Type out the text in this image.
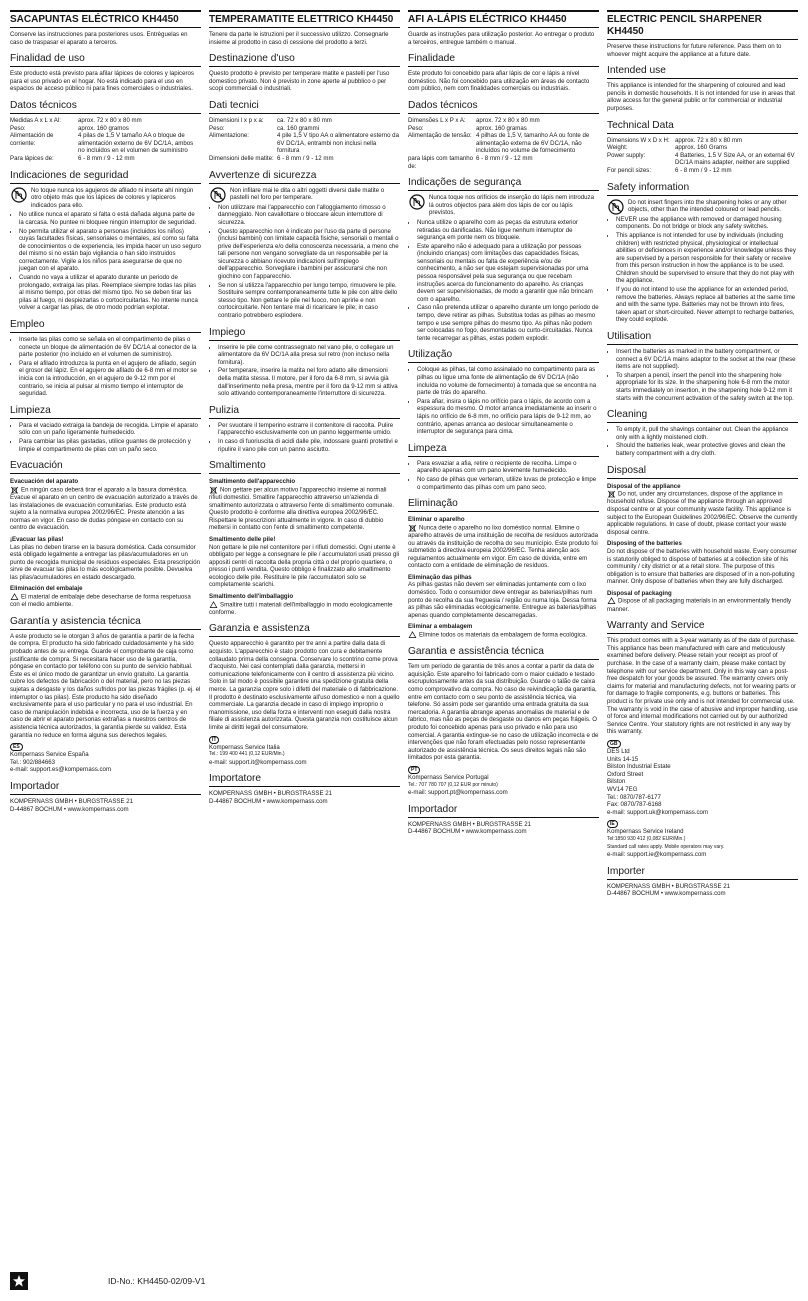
SACAPUNTAS ELÉCTRICO KH4450

Conserve las instrucciones para posteriores usos. Entréguelas en caso de traspasar el aparato a terceros.

Finalidad de uso

Este producto está previsto para afilar lápices de colores y lapiceros para el uso privado en el hogar. No está indicado para el uso en espacios de acceso público ni para fines comerciales o industriales.

Datos técnicos
Medidas A x L x Al:	aprox. 72 x 80 x 80 mm
Peso:	aprox. 160 gramos
Alimentación de corriente:	4 pilas de 1,5 V tamaño AA o bloque de alimentación externo de 6V DC/1A, ambos no incluidos en el volumen de suministro
Para lápices de:	6 - 8 mm / 9 - 12 mm
Indicaciones de seguridad
No toque nunca los agujeros de afilado ni inserte ahí ningún otro objeto más que los lápices de colores y lapiceros indicados para ello.
• No utilice nunca el aparato si falta o está dañada alguna parte de la carcasa. No puntee ni bloquee ningún interruptor de seguridad.
• No permita utilizar el aparato a personas (incluidos los niños) cuyas facultades físicas, sensoriales o mentales, así como su falta de conocimientos o de experiencia, les impida hacer un uso seguro del mismo si no están bajo vigilancia o han sido instruidos correctamente. Vigile a los niños para asegurarse de que no juegan con el aparato.
• Cuando no vaya a utilizar el aparato durante un periodo de prolongado, extraiga las pilas. Reemplace siempre todas las pilas al mismo tiempo, por otras del mismo tipo. No se deben tirar las pilas al fuego, ni despiezarlas o cortocircuitarlas. No intente nunca volver a cargar las pilas, de otro modo podrían explotar.
Empleo
• Inserte las pilas como se señala en el compartimento de pilas o conecte un bloque de alimentación de 6V DC/1A al conector de la parte posterior (no incluido en el volumen de suministro).
• Para el afilado introduzca la punta en el agujero de afilado, según el grosor del lápiz. En el agujero de afilado de 6-8 mm el motor se inicia con la introducción, en el agujero de 9-12 mm por el contrario, se inicia al pulsar al mismo tiempo el interruptor de seguridad.
Limpieza
• Para el vaciado extraiga la bandeja de recogida. Limpie el aparato sólo con un paño ligeramente humedecido.
• Para cambiar las pilas gastadas, utilice guantes de protección y limpie el compartimento de pilas con un paño seco.
Evacuación
Evacuación del aparato

En ningún caso deberá tirar el aparato a la basura doméstica. Evacue el aparato en un centro de evacuación autorizado a través de las instalaciones de evacuación comunitarias. Este producto está sujeto a la normativa europea 2002/96/EC. Preste atención a las normas en vigor. En caso de dudas póngase en contacto con su centro de evacuación.

¡Evacuar las pilas!

Las pilas no deben tirarse en la basura doméstica. Cada consumidor está obligado legalmente a entregar las pilas/acumuladores en un punto de recogida municipal de residuos especiales. Esta prescripción sirve de evacuar las pilas lo más ecológicamente posible. Devuelva las pilas/acumuladores en estado descargado.

Eliminación del embalaje

El material de embalaje debe desecharse de forma respetuosa con el medio ambiente.

Garantía y asistencia técnica

A este producto se le otorgan 3 años de garantía a partir de la fecha de compra. El producto ha sido fabricado cuidadosamente y ha sido probado antes de su entrega. Guarde el comprobante de caja como justificante de compra. Si necesitara hacer uso de la garantía, póngase en contacto por teléfono con su punto de servicio habitual. Éste es el único modo de garantizar un envío gratuito. La garantía cubre los defectos de fabricación o del material, pero no las piezas sujetas a desgaste y los daños sufridos por las piezas frágiles (p. ej. el interruptor o las pilas). Este producto ha sido diseñado exclusivamente para el uso particular y no para el uso industrial. En caso de manipulación indebida e incorrecta, uso de la fuerza y en caso de abrir el aparato personas extrañas a nuestros centros de asistencia técnica autorizados, la garantía pierde su validez. Esta garantía no reduce en forma alguna sus derechos legales.

ES
Kompernass Service España
Tel.: 902/884663
e-mail: support.es@kompernass.com
Importador
KOMPERNASS GMBH • BURGSTRASSE 21
D-44867 BOCHUM • www.kompernass.com
TEMPERAMATITE ELETTRICO KH4450

Tenere da parte le istruzioni per il successivo utilizzo. Consegnarle insieme al prodotto in caso di cessione del prodotto a terzi.

Destinazione d'uso

Questo prodotto è previsto per temperare matite e pastelli per l'uso domestico privato. Non è previsto in zone aperte al pubblico o per scopi commerciali o industriali.

Dati tecnici
Dimensioni l x p x a:	ca. 72 x 80 x 80 mm
Peso:	ca. 160 grammi
Alimentazione:	4 pile 1,5 V tipo AA o alimentatore esterno da 6V DC/1A, entrambi non inclusi nella fornitura
Dimensioni delle matite:	6 - 8 mm / 9 - 12 mm
Avvertenze di sicurezza
Non infilare mai le dita o altri oggetti diversi dalle matite o pastelli nel foro per temperare.
• Non utilizzare mai l'apparecchio con l'alloggiamento rimosso o danneggiato. Non cavallottare o bloccare alcun interruttore di sicurezza.
• Questo apparecchio non è indicato per l'uso da parte di persone (inclusi bambini) con limitate capacità fisiche, sensoriali o mentali o prive dell'esperienza e/o della conoscenza necessaria, a meno che tali persone non vengano sorvegliate da un responsabile per la sicurezza o abbiano ricevuto indicazioni sull'impiego dell'apparecchio. Sorvegliare i bambini per assicurarsi che non giochino con l'apparecchio.
• Se non si utilizza l'apparecchio per lungo tempo, rimuovere le pile. Sostituire sempre contemporaneamente tutte le pile con altre dello stesso tipo. Non gettare le pile nel fuoco, non aprirle e non cortocircuitarle. Non tentare mai di ricaricare le pile; in caso contrario potrebbero esplodere.
Impiego
• Inserire le pile come contrassegnato nel vano pile, o collegare un alimentatore da 6V DC/1A alla presa sul retro (non incluso nella fornitura).
• Per temperare, inserire la matita nel foro adatto alle dimensioni della matita stessa. Il motore, per il foro da 6-8 mm, si avvia già dall'inserimento nella presa, mentre per il foro da 9-12 mm si attiva solo attivando contemporaneamente l'interruttore di sicurezza.
Pulizia
• Per svuotare il temperino estrarre il contenitore di raccolta. Pulire l'apparecchio esclusivamente con un panno leggermente umido.
• In caso di fuoriuscita di acidi dalle pile, indossare guanti protettivi e ripulire il vano pile con un panno asciutto.
Smaltimento
Smaltimento dell'apparecchio

Non gettare per alcun motivo l'apparecchio insieme ai normali rifiuti domestici. Smaltire l'apparecchio attraverso un'azienda di smaltimento autorizzata o attraverso l'ente di smaltimento comunale. Questo prodotto è conforme alla direttiva europea 2002/96/EC. Rispettare le prescrizioni attualmente in vigore. In caso di dubbio mettersi in contatto con l'ente di smaltimento competente.

Smaltimento delle pile!

Non gettare le pile nel contenitore per i rifiuti domestici. Ogni utente è obbligato per legge a consegnare le pile / accumulatori usati presso gli appositi centri di raccolta della propria città o del proprio quartiere, o presso i punti vendita. Questo obbligo è finalizzato allo smaltimento ecologico delle pile. Restituire le pile /accumulatori solo se completamente scarichi.

Smaltimento dell'imballaggio

Smaltire tutti i materiali dell'imballaggio in modo ecologicamente conforme.

Garanzia e assistenza

Questo apparecchio è garantito per tre anni a partire dalla data di acquisto. L'apparecchio è stato prodotto con cura e debitamente collaudato prima della consegna. Conservare lo scontrino come prova d'acquisto. Nei casi contemplati dalla garanzia, mettersi in comunicazione telefonicamente con il centro di assistenza più vicino. Solo in tal modo è possibile garantire una spedizione gratuita della merce. La garanzia copre solo i difetti del materiale o di fabbricazione. Il prodotto è destinato esclusivamente all'uso domestico e non a quello commerciale. La garanzia decade in caso di impiego improprio o manomissione, uso della forza e interventi non eseguiti dalla nostra filiale di assistenza autorizzata. Questa garanzia non costituisce alcun limite ai diritti legali del consumatore.

IT
Kompernass Service Italia
Tel.: 199 400 441 (0,12 EUR/Min.)
e-mail: support.it@kompernass.com
Importatore
KOMPERNASS GMBH • BURGSTRASSE 21
D-44867 BOCHUM • www.kompernass.com
AFI A-LÁPIS ELÉCTRICO KH4450

Guarde as instruções para utilização posterior. Ao entregar o produto a terceiros, entregue também o manual.

Finalidade

Este produto foi concebido para afiar lápis de cor e lápis a nível doméstico. Não foi concebido para utilização em áreas de contacto com público, nem com finalidades comerciais ou industriais.

Dados técnicos
Dimensões L x P x A:	aprox. 72 x 80 x 80 mm
Peso:	aprox. 160 gramas
Alimentação de tensão:	4 pilhas de 1,5 V, tamanho AA ou fonte de alimentação externa de 6V DC/1A, não incluídos no volume de fornecimento
para lápis com tamanho de:	6 - 8 mm / 9 - 12 mm
Indicações de segurança
Nunca toque nos orifícios de inserção do lápis nem introduza lá outros objectos para além dos lápis de cor ou lápis previstos.
• Nunca utilize o aparelho com as peças da estrutura exterior retiradas ou danificadas. Não ligue nenhum interruptor de segurança em ponte nem os bloqueie.
• Este aparelho não é adequado para a utilização por pessoas (incluindo crianças) com limitações das capacidades físicas, sensoriais ou mentais ou falta de experiência e/ou de conhecimento, a não ser que estejam supervisionadas por uma pessoa responsável pela sua segurança ou que recebam instruções acerca do funcionamento do aparelho. As crianças devem ser supervisionadas, de modo a garantir que não brincam com o aparelho.
• Caso não pretenda utilizar o aparelho durante um longo período de tempo, deve retirar as pilhas. Substitua todas as pilhas ao mesmo tempo e use sempre pilhas do mesmo tipo. As pilhas não podem ser colocadas no fogo, desmontadas ou curto-circuitadas. Nunca tente recarregar as pilhas, estas podem explodir.
Utilização
• Coloque as pilhas, tal como assinalado no compartimento para as pilhas ou ligue uma fonte de alimentação de 6V DC/1A (não incluída no volume de fornecimento) à tomada que se encontra na parte de trás do aparelho.
• Para afiar, insira o lápis no orifício para o lápis, de acordo com a espessura do mesmo. O motor arranca imediatamente ao inserir o lápis no orifício de 6-8 mm, no orifício para lápis de 9-12 mm, ao contrário, apenas arranca ao deslocar simultaneamente o interruptor de segurança para cima.
Limpeza
• Para esvaziar a afia, retire o recipiente de recolha. Limpe o aparelho apenas com um pano levemente humedecido.
• No caso de pilhas que verteram, utilize luvas de protecção e limpe o compartimento das pilhas com um pano seco.
Eliminação
Eliminar o aparelho

Nunca deite o aparelho no lixo doméstico normal. Elimine o aparelho através de uma instituição de recolha de resíduos autorizada ou através da instituição de recolha do seu município. Este produto foi submetido à directiva europeia 2002/96/EC. Tenha atenção aos regulamentos actualmente em vigor. Em caso de dúvida, entre em contacto com a entidade de eliminação de resíduos.

Eliminação das pilhas

As pilhas gastas não devem ser eliminadas juntamente com o lixo doméstico. Todo o consumidor deve entregar as baterias/pilhas num ponto de recolha da sua freguesia / região ou numa loja. Dessa forma as pilhas são eliminadas ecologicamente. Entregue as baterias/pilhas apenas quando completamente descarregadas.

Eliminar a embalagem

Elimine todos os materiais da embalagem de forma ecológica.

Garantia e assistência técnica

Tem um período de garantia de três anos a contar a partir da data de aquisição. Este aparelho foi fabricado com o maior cuidado e testado escrupulosamente antes da sua distribuição. Guarde o talão de caixa como comprovativo da compra. No caso de reivindicação da garantia, entre em contacto com o seu ponto de assistência técnica, via telefone. Só assim pode ser garantido uma entrada gratuita da sua mercadoria. A garantia abrange apenas anomalias de material e de fabrico, mas não as peças de desgaste ou danos em peças frágeis. O produto foi concebido apenas para uso privado e não para uso comercial. A garantia extingue-se no caso de utilização incorrecta e de intervenções que não foram efectuadas pelo nosso representante autorizado de assistência técnica. Os seus direitos legais não são limitados por esta garantia.

PT
Kompernass Service Portugal
Tel.: 707 780 707 (0,12 EUR por minuto)
e-mail: support.pt@kompernass.com
Importador
KOMPERNASS GMBH • BURGSTRASSE 21
D-44867 BOCHUM • www.kompernass.com
ELECTRIC PENCIL SHARPENER KH4450

Preserve these instructions for future reference. Pass them on to whoever might acquire the appliance at a future date.

Intended use

This appliance is intended for the sharpening of coloured and lead pencils in domestic households. It is not intended for use in areas that allow access for the general public or for commercial or industrial purposes.

Technical Data
Dimensions W x D x H:	approx. 72 x 80 x 80 mm
Weight:	approx. 160 Grams
Power supply:	4 Batteries, 1.5 V Size AA, or an external 6V DC/1A mains adapter, neither are supplied
For pencil sizes:	6 - 8 mm / 9 - 12 mm
Safety information
Do not insert fingers into the sharpening holes or any other objects, other than the intended coloured or lead pencils.
• NEVER use the appliance with removed or damaged housing components. Do not bridge or block any safety switches.
• This appliance is not intended for use by individuals (including children) with restricted physical, physiological or intellectual abilities or deficiences in experience and/or knowledge unless they are supervised by a person responsible for their safety or receive from this person instruction in how the appliance is to be used. Children should be supervised to ensure that they do not play with the appliance.
• If you do not intend to use the appliance for an extended period, remove the batteries. Always replace all batteries at the same time and with the same type. Batteries may not be thrown into fires, taken apart or short-circuited. Never attempt to recharge batteries, they could explode.
Utilisation
• Insert the batteries as marked in the battery compartment, or connect a 6V DC/1A mains adaptor to the socket at the rear (these items are not supplied).
• To sharpen a pencil, insert the pencil into the sharpening hole appropriate for its size. In the sharpening hole 6-8 mm the motor starts immediately on insertion, in the sharpening hole 9-12 mm it starts with the concurrent activation of the safety switch at the top.
Cleaning
• To empty it, pull the shavings container out. Clean the appliance only with a lightly moistened cloth.
• Should the batteries leak, wear protective gloves and clean the battery compartment with a dry cloth.
Disposal
Disposal of the appliance

Do not, under any circumstances, dispose of the appliance in household refuse. Dispose of the appliance through an approved disposal centre or at your community waste facility. This appliance is subject to the European Guidelines 2002/96/EC. Observe the currently applicable regulations. In case of doubt, please contact your waste disposal centre.

Disposing of the batteries

Do not dispose of the batteries with household waste. Every consumer is statutorily obliged to dispose of batteries at a collection site of his community / city district or at a retail store. The purpose of this obligation is to ensure that batteries are disposed of in a non-polluting manner. Only dispose of batteries when they are fully discharged.

Disposal of packaging

Dispose of all packaging materials in an environmentally friendly manner.

Warranty and Service

This product comes with a 3-year warranty as of the date of purchase. This appliance has been manufactured with care and meticulously examined before delivery. Please retain your receipt as proof of purchase. In the case of a warranty claim, please make contact by telephone with our service department. Only in this way can a post-free despatch for your goods be assured. The warranty covers only claims for material and manufacturing defects, not for wearing parts or for damage to fragile components, e.g. buttons or batteries. This product is for private use only and is not intended for commercial use. The warranty is void in the case of abusive and improper handling, use of force and internal modifications not carried out by our authorized Service Centre. Your statutory rights are not restricted in any way by this warranty.

GB
DES Ltd
Units 14-15
Bilston Industrial Estate
Oxford Street
Bilston
WV14 7EG
Tel.: 0870/787-6177
Fax: 0870/787-6168
e-mail: support.uk@kompernass.com
IE
Kompernass Service Ireland
Tel:1850 930 412 (0,082 EUR/Min.)
Standard call rates apply. Mobile operators may vary.
e-mail: support.ie@kompernass.com
Importer
KOMPERNASS GMBH • BURGSTRASSE 21
D-44867 BOCHUM • www.kompernass.com
ID-No.: KH4450-02/09-V1
